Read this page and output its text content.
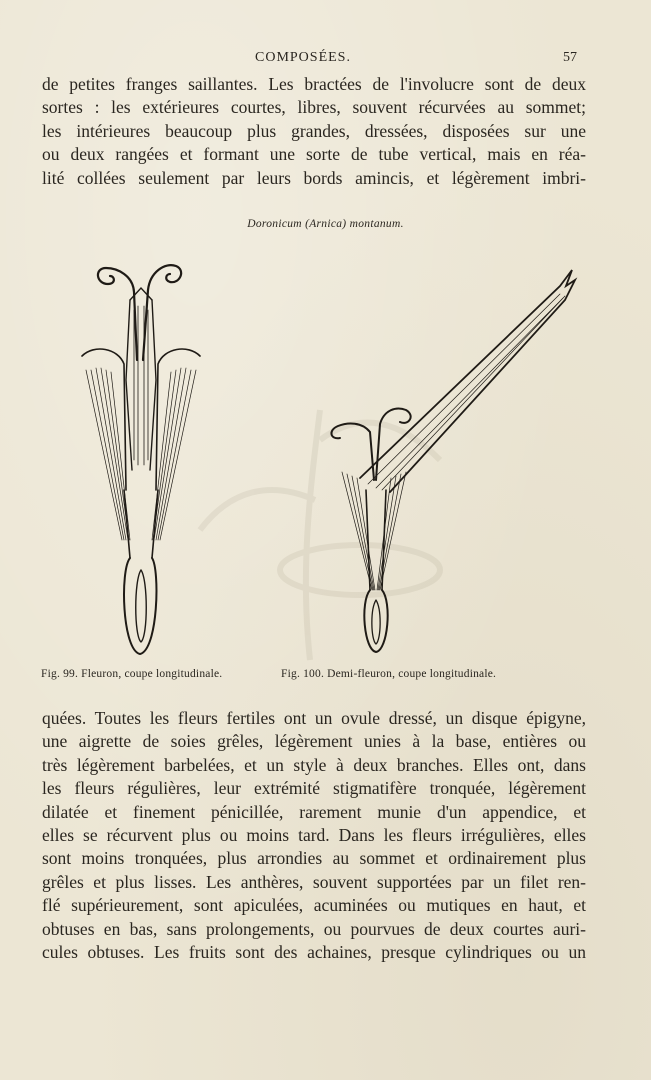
COMPOSÉES.	57
de petites franges saillantes. Les bractées de l'involucre sont de deux
sortes : les extérieures courtes, libres, souvent récurvées au sommet;
les intérieures beaucoup plus grandes, dressées, disposées sur une
ou deux rangées et formant une sorte de tube vertical, mais en réa-
lité collées seulement par leurs bords amincis, et légèrement imbri-
Doronicum (Arnica) montanum.
Fig. 99. Fleuron, coupe longitudinale.	Fig. 100. Demi-fleuron, coupe longitudinale.
quées. Toutes les fleurs fertiles ont un ovule dressé, un disque épigyne,
une aigrette de soies grêles, légèrement unies à la base, entières ou
très légèrement barbelées, et un style à deux branches. Elles ont, dans
les fleurs régulières, leur extrémité stigmatifère tronquée, légèrement
dilatée et finement pénicillée, rarement munie d'un appendice, et
elles se récurvent plus ou moins tard. Dans les fleurs irrégulières, elles
sont moins tronquées, plus arrondies au sommet et ordinairement plus
grêles et plus lisses. Les anthères, souvent supportées par un filet ren-
flé supérieurement, sont apiculées, acuminées ou mutiques en haut, et
obtuses en bas, sans prolongements, ou pourvues de deux courtes auri-
cules obtuses. Les fruits sont des achaines, presque cylindriques ou un
